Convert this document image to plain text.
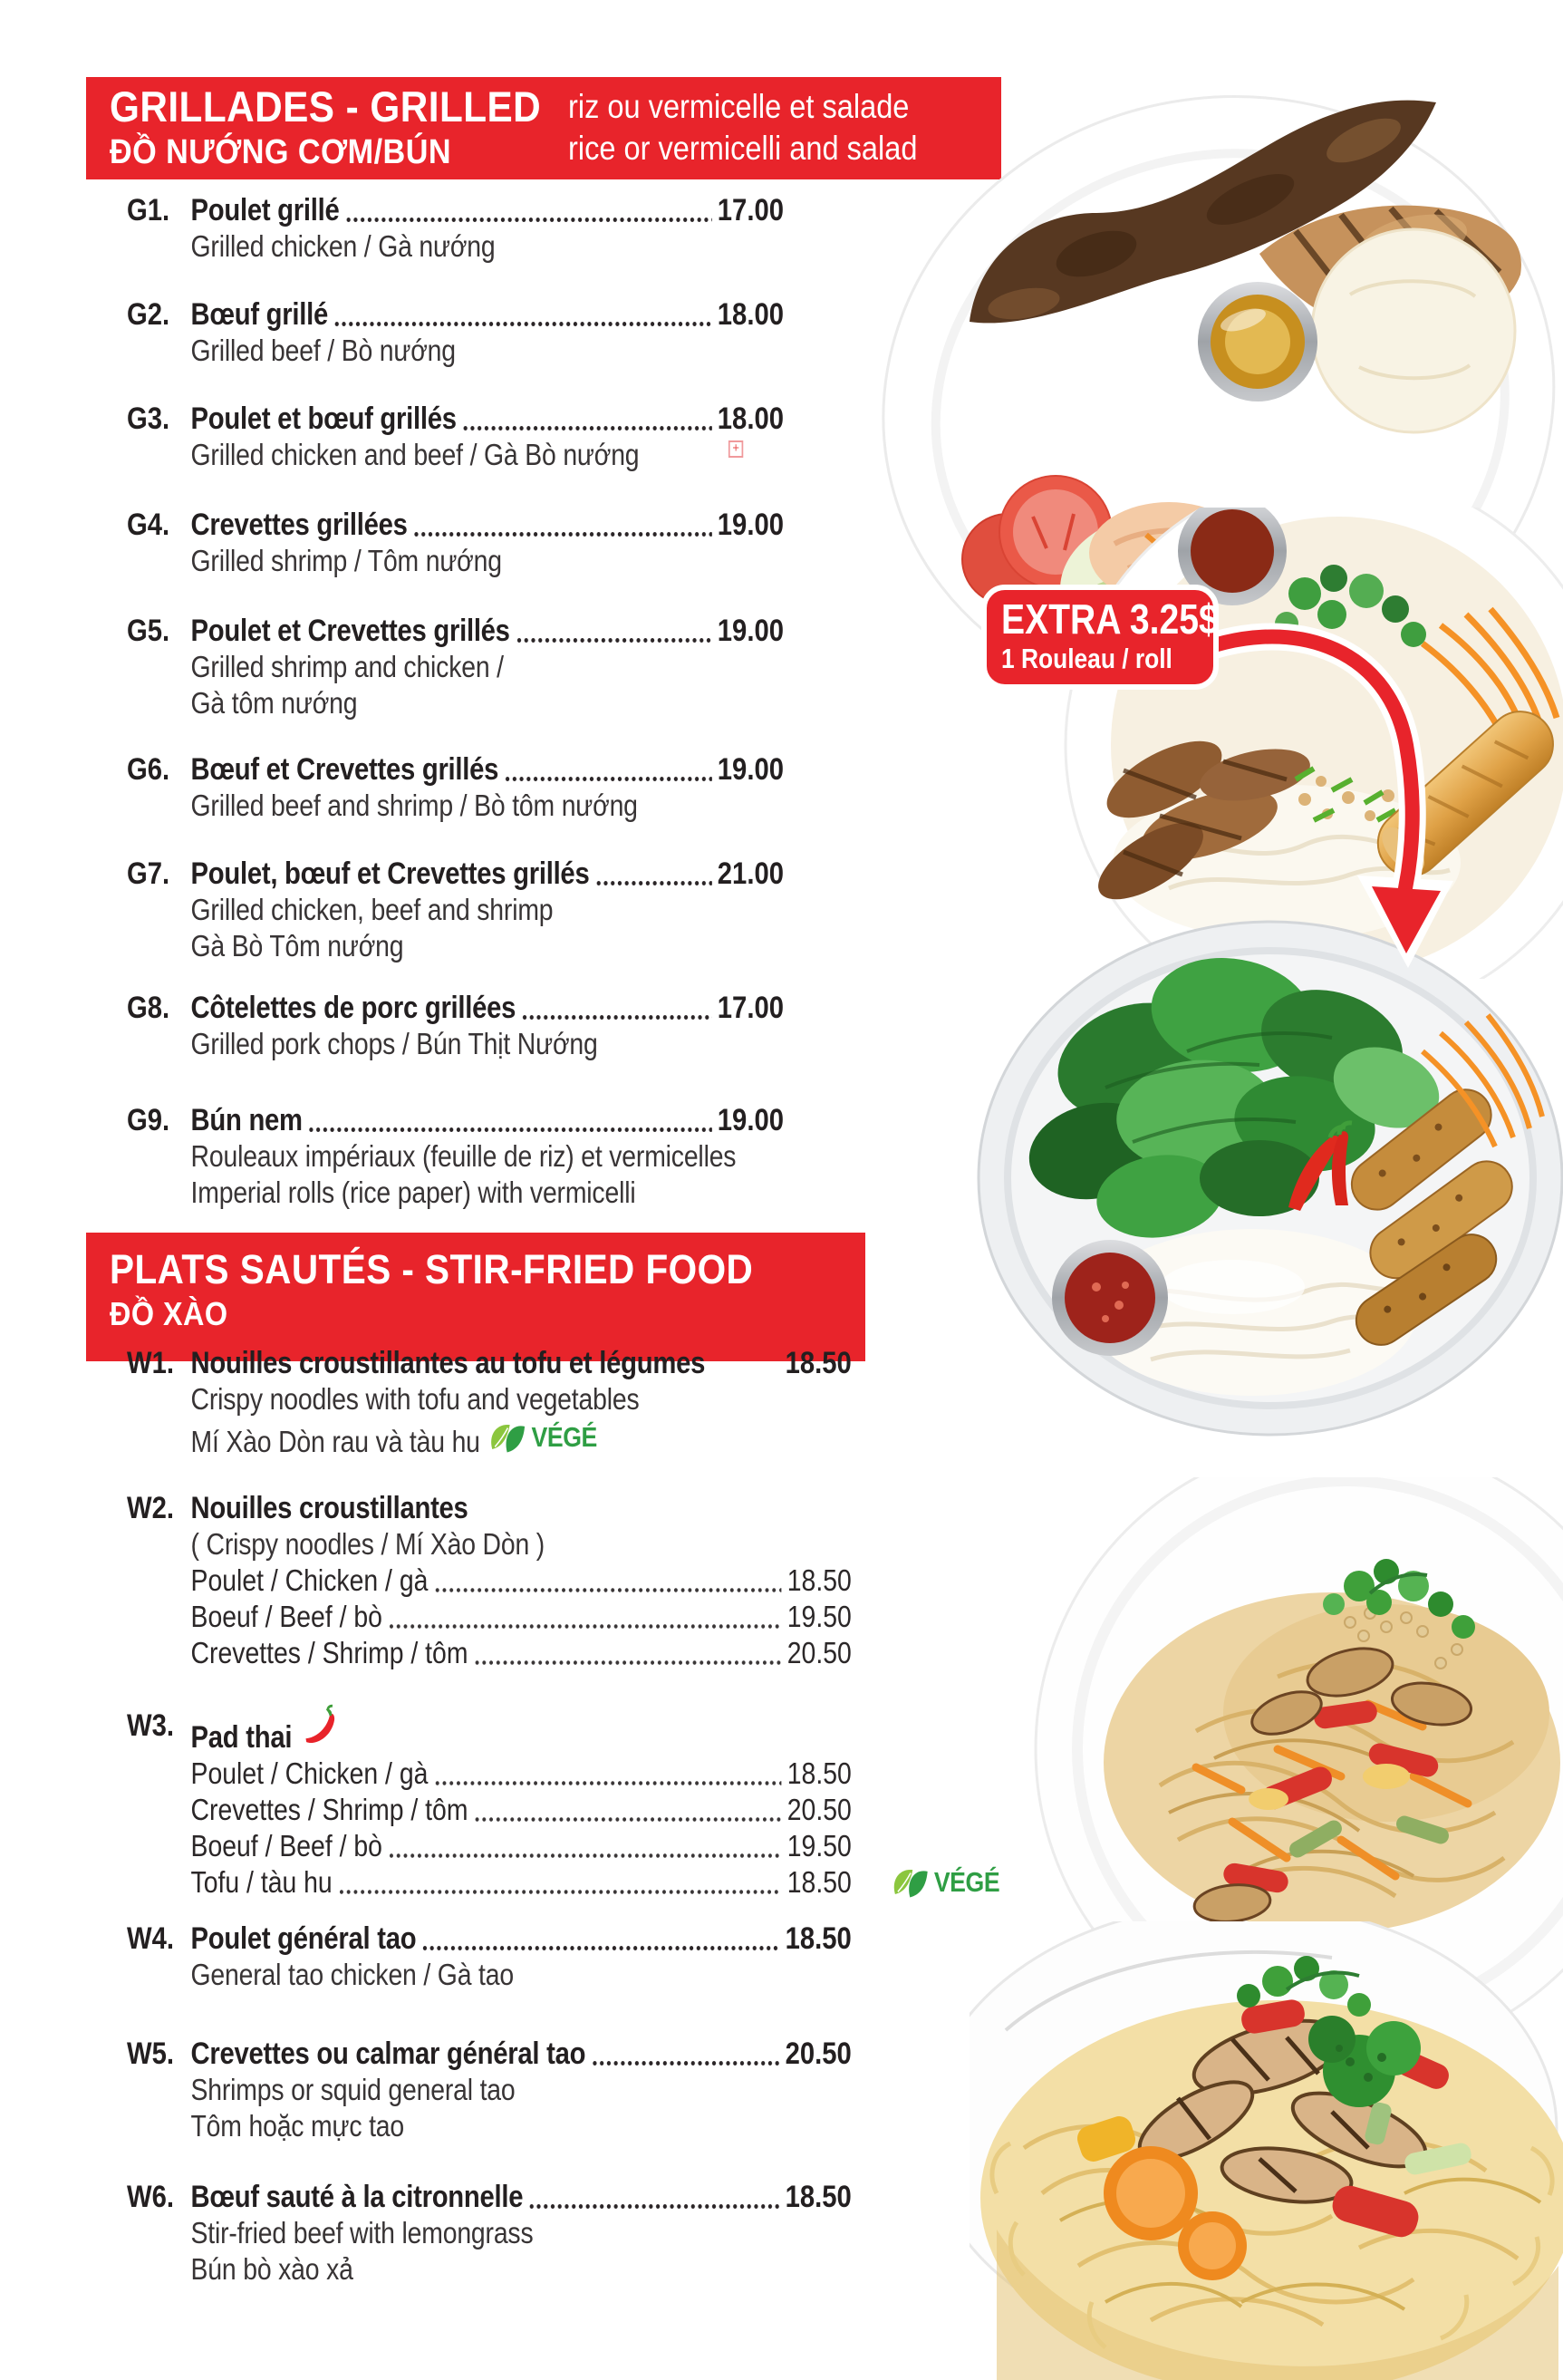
EXTRA 3.25$
1 Rouleau / roll
GRILLADES - GRILLED
ĐỒ NƯỚNG CƠM/BÚN
riz ou vermicelle et salade
rice or vermicelli and salad
G1. Poulet grillé	17.00
Grilled chicken / Gà nướng
G2. Bœuf grillé	18.00
Grilled beef / Bò nướng
G3. Poulet et bœuf grillés	18.00
Grilled chicken and beef / Gà Bò nướng	+
G4. Crevettes grillées	19.00
Grilled shrimp / Tôm nướng
G5. Poulet et Crevettes grillés	19.00
Grilled shrimp and chicken /
Gà tôm nướng
G6. Bœuf et Crevettes grillés	19.00
Grilled beef and shrimp / Bò tôm nướng
G7. Poulet, bœuf et Crevettes grillés	21.00
Grilled chicken, beef and shrimp
Gà Bò Tôm nướng
G8. Côtelettes de porc grillées	17.00
Grilled pork chops / Bún Thịt Nướng
G9. Bún nem	19.00
Rouleaux impériaux (feuille de riz) et vermicelles
Imperial rolls (rice paper) with vermicelli
PLATS SAUTÉS - STIR-FRIED FOOD
ĐỒ XÀO
W1. Nouilles croustillantes au tofu et légumes	18.50
Crispy noodles with tofu and vegetables
Mí Xào Dòn rau và tàu hu VÉGÉ
W2. Nouilles croustillantes
( Crispy noodles / Mí Xào Dòn )
Poulet / Chicken / gà	18.50
Boeuf / Beef / bò	19.50
Crevettes / Shrimp / tôm	20.50
W3. Pad thai
Poulet / Chicken / gà	18.50
Crevettes / Shrimp / tôm	20.50
Boeuf / Beef / bò	19.50
Tofu / tàu hu	18.50	VÉGÉ
W4. Poulet général tao	18.50
General tao chicken / Gà tao
W5. Crevettes ou calmar général tao	20.50
Shrimps or squid general tao
Tôm hoặc mực tao
W6. Bœuf sauté à la citronnelle	18.50
Stir-fried beef with lemongrass
Bún bò xào xả
